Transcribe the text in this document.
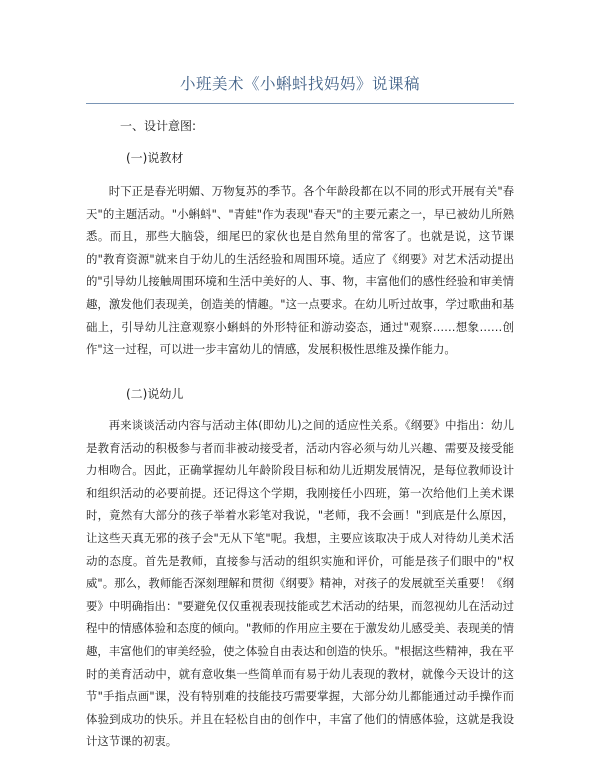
小班美术《小蝌蚪找妈妈》说课稿
一、设计意图:
(一)说教材
时下正是春光明媚、万物复苏的季节。各个年龄段都在以不同的形式开展有关"春天"的主题活动。"小蝌蚪"、"青蛙"作为表现"春天"的主要元素之一，早已被幼儿所熟悉。而且，那些大脑袋，细尾巴的家伙也是自然角里的常客了。也就是说，这节课的"教育资源"就来自于幼儿的生活经验和周围环境。适应了《纲要》对艺术活动提出的"引导幼儿接触周围环境和生活中美好的人、事、物，丰富他们的感性经验和审美情趣，激发他们表现美，创造美的情趣。"这一点要求。在幼儿听过故事，学过歌曲和基础上，引导幼儿注意观察小蝌蚪的外形特征和游动姿态，通过"观察……想象……创作"这一过程，可以进一步丰富幼儿的情感，发展积极性思维及操作能力。
(二)说幼儿
再来谈谈活动内容与活动主体(即幼儿)之间的适应性关系。《纲要》中指出：幼儿是教育活动的积极参与者而非被动接受者，活动内容必须与幼儿兴趣、需要及接受能力相吻合。因此，正确掌握幼儿年龄阶段目标和幼儿近期发展情况，是每位教师设计和组织活动的必要前提。还记得这个学期，我刚接任小四班，第一次给他们上美术课时，竟然有大部分的孩子举着水彩笔对我说，"老师，我不会画！"到底是什么原因，让这些天真无邪的孩子会"无从下笔"呢。我想，主要应该取决于成人对待幼儿美术活动的态度。首先是教师，直接参与活动的组织实施和评价，可能是孩子们眼中的"权威"。那么，教师能否深刻理解和贯彻《纲要》精神，对孩子的发展就至关重要！《纲要》中明确指出："要避免仅仅重视表现技能或艺术活动的结果，而忽视幼儿在活动过程中的情感体验和态度的倾向。"教师的作用应主要在于激发幼儿感受美、表现美的情趣，丰富他们的审美经验，使之体验自由表达和创造的快乐。"根据这些精神，我在平时的美育活动中，就有意收集一些简单而有易于幼儿表现的教材，就像今天设计的这节"手指点画"课，没有特别难的技能技巧需要掌握，大部分幼儿都能通过动手操作而体验到成功的快乐。并且在轻松自由的创作中，丰富了他们的情感体验，这就是我设计这节课的初衷。
